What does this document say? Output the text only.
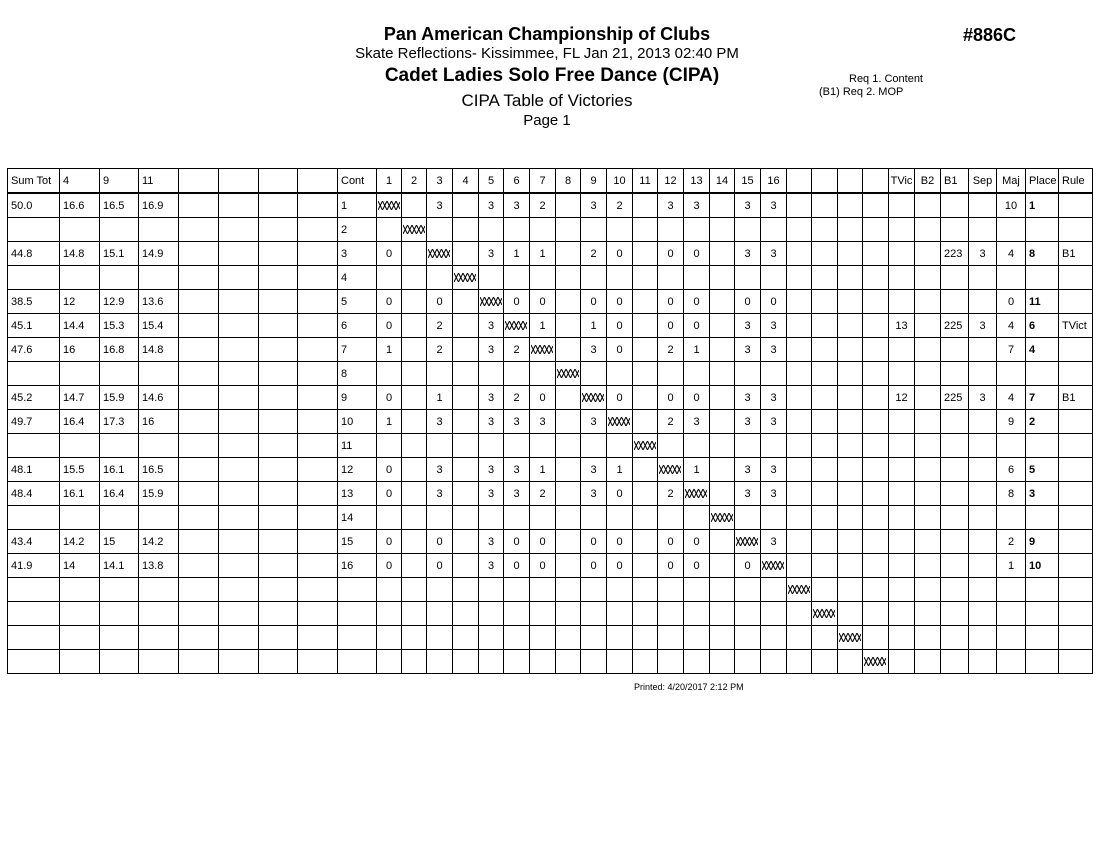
Pan American Championship of Clubs	#886C
Skate Reflections- Kissimmee, FL Jan 21, 2013 02:40 PM
Cadet Ladies Solo Free Dance (CIPA)
CIPA Table of Victories
Page 1
Req 1. Content
(B1) Req 2. MOP
Sum Tot	4	9	11					Cont	1	2	3	4	5	6	7	8	9	10	11	12	13	14	15	16					TVic	B2	B1	Sep	Maj	Place	Rule
50.0	16.6	16.5	16.9					1			3		3	3	2		3	2		3	3		3	3									10	1	
								2		

44.8	14.8	15.1	14.9					3	0				3	1	1		2	0		0	0		3	3							223	3	4	8	B1
								4				

38.5	12	12.9	13.6					5	0		0			0	0		0	0		0	0		0	0									0	11	
45.1	14.4	15.3	15.4					6	0		2		3		1		1	0		0	0		3	3					13		225	3	4	6	TVict
47.6	16	16.8	14.8					7	1		2		3	2			3	0		2	1		3	3									7	4	
								8								

45.2	14.7	15.9	14.6					9	0		1		3	2	0			0		0	0		3	3					12		225	3	4	7	B1
49.7	16.4	17.3	16					10	1		3		3	3	3		3			2	3		3	3									9	2	
								11											

48.1	15.5	16.1	16.5					12	0		3		3	3	1		3	1			1		3	3									6	5	
48.4	16.1	16.4	15.9					13	0		3		3	3	2		3	0		2			3	3									8	3	
								14														

43.4	14.2	15	14.2					15	0		0		3	0	0		0	0		0	0			3									2	9	
41.9	14	14.1	13.8					16	0		0		3	0	0		0	0		0	0		0										1	10	

Printed: 4/20/2017 2:12 PM
